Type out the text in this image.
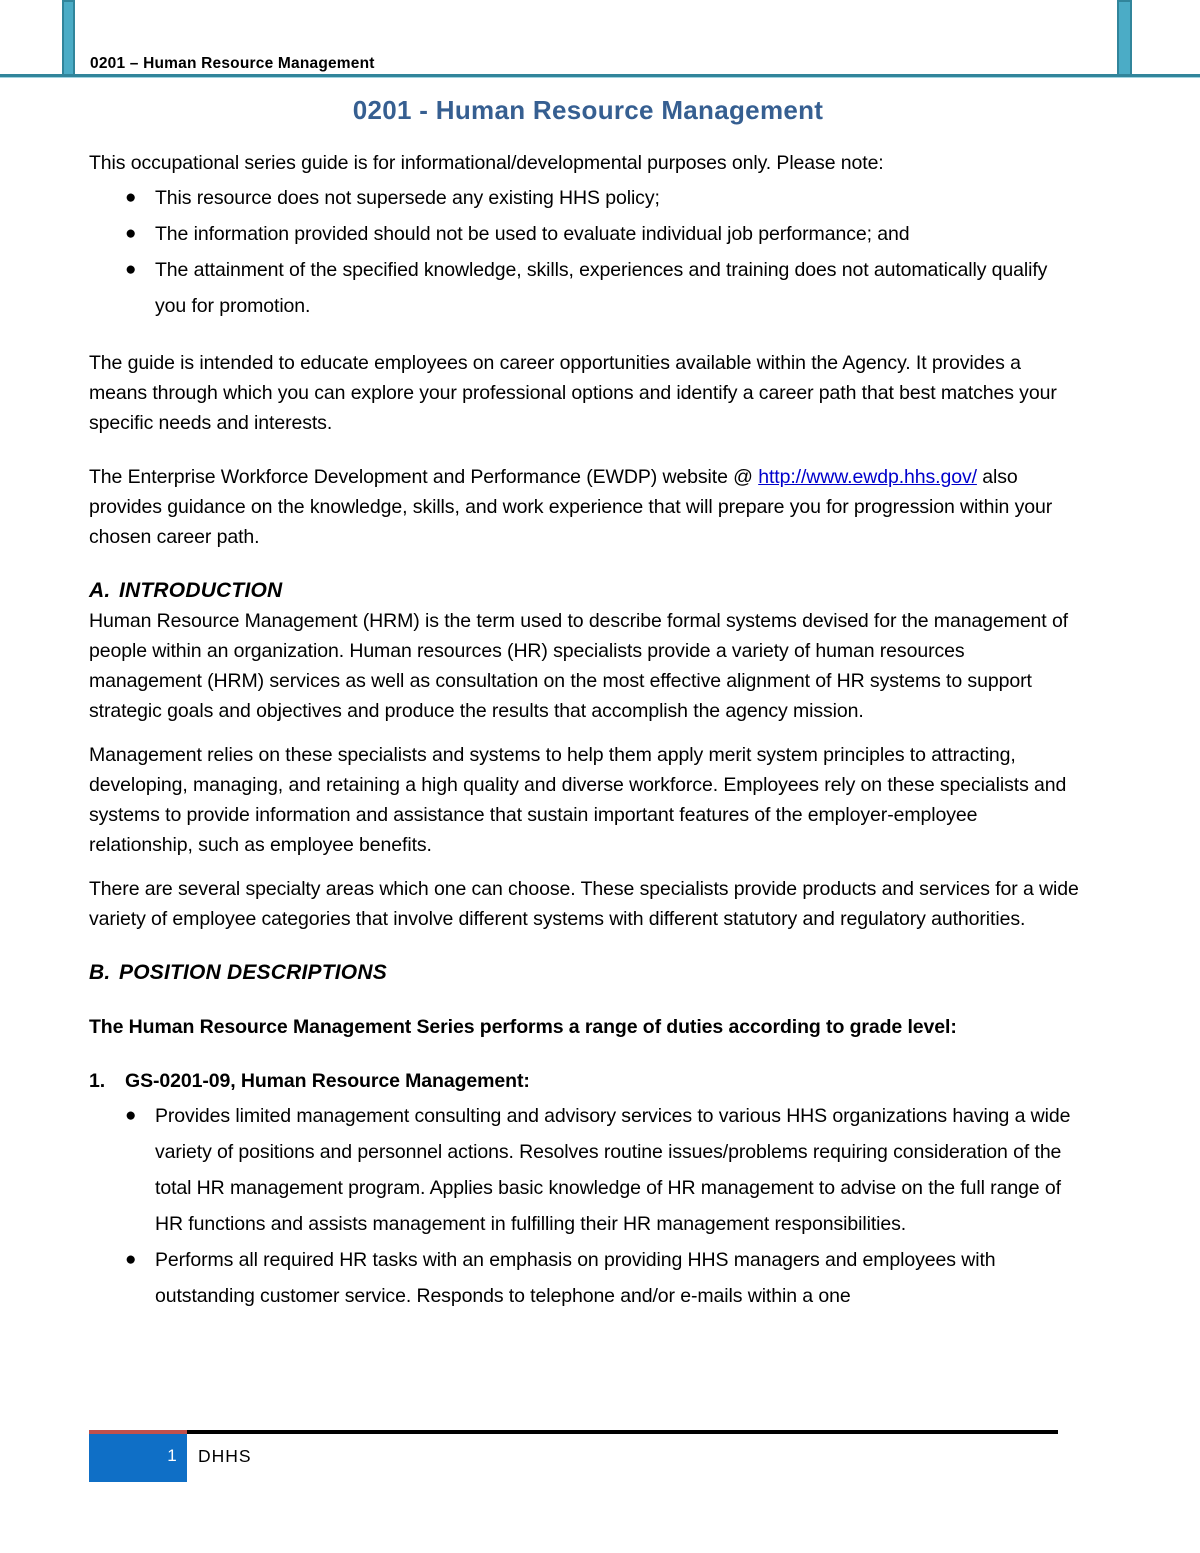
0201 – Human Resource Management
0201 - Human Resource Management

This occupational series guide is for informational/developmental purposes only. Please note:

● This resource does not supersede any existing HHS policy;
● The information provided should not be used to evaluate individual job performance; and
● The attainment of the specified knowledge, skills, experiences and training does not automatically qualify you for promotion.

The guide is intended to educate employees on career opportunities available within the Agency. It provides a means through which you can explore your professional options and identify a career path that best matches your specific needs and interests.

The Enterprise Workforce Development and Performance (EWDP) website @ http://www.ewdp.hhs.gov/ also provides guidance on the knowledge, skills, and work experience that will prepare you for progression within your chosen career path.

A. INTRODUCTION

Human Resource Management (HRM) is the term used to describe formal systems devised for the management of people within an organization. Human resources (HR) specialists provide a variety of human resources management (HRM) services as well as consultation on the most effective alignment of HR systems to support strategic goals and objectives and produce the results that accomplish the agency mission.

Management relies on these specialists and systems to help them apply merit system principles to attracting, developing, managing, and retaining a high quality and diverse workforce. Employees rely on these specialists and systems to provide information and assistance that sustain important features of the employer-employee relationship, such as employee benefits.

There are several specialty areas which one can choose. These specialists provide products and services for a wide variety of employee categories that involve different systems with different statutory and regulatory authorities.

B. POSITION DESCRIPTIONS

The Human Resource Management Series performs a range of duties according to grade level:

1. GS-0201-09, Human Resource Management:
● Provides limited management consulting and advisory services to various HHS organizations having a wide variety of positions and personnel actions. Resolves routine issues/problems requiring consideration of the total HR management program. Applies basic knowledge of HR management to advise on the full range of HR functions and assists management in fulfilling their HR management responsibilities.
● Performs all required HR tasks with an emphasis on providing HHS managers and employees with outstanding customer service. Responds to telephone and/or e-mails within a one
1 DHHS
